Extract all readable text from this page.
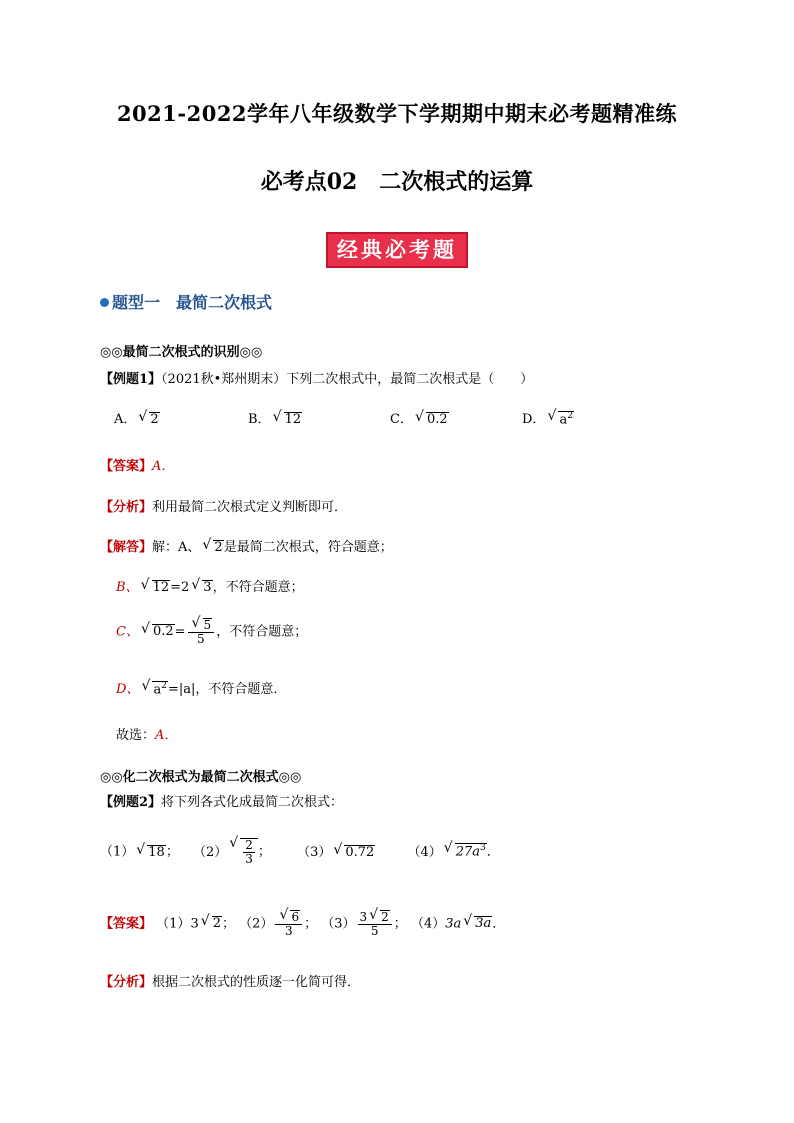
2021-2022学年八年级数学下学期期中期末必考题精准练
必考点02　二次根式的运算
经典必考题
题型一　最简二次根式
◎◎最简二次根式的识别◎◎
【例题1】（2021秋•郑州期末）下列二次根式中，最简二次根式是（　　）
A． √ 2	B． √ 12	C． √ 0.2	D． √ $a^2$
【答案】A．
【分析】利用最简二次根式定义判断即可．
【解答】解：A、 √ 2是最简二次根式，符合题意；
B、 √ 12=2 √ 3，不符合题意；
C、 √ 0.2= √ $\frac{5}{5}$ ，不符合题意；
D、 √ $a^2=|a|$，不符合题意．
故选：A．
◎◎化二次根式为最简二次根式◎◎
【例题2】将下列各式化成最简二次根式：
（1） √ 18； （2） √ $\frac{2}{3}$ ； （3） √ 0.72	（4） √ $27a^3$．
【答案】 （1）3 √ 2； （2） √ $\frac{6}{3}$ ； $(3) \frac{3 √ 2}{5}$ ； （4）3a √ 3a．
【分析】根据二次根式的性质逐一化简可得．
